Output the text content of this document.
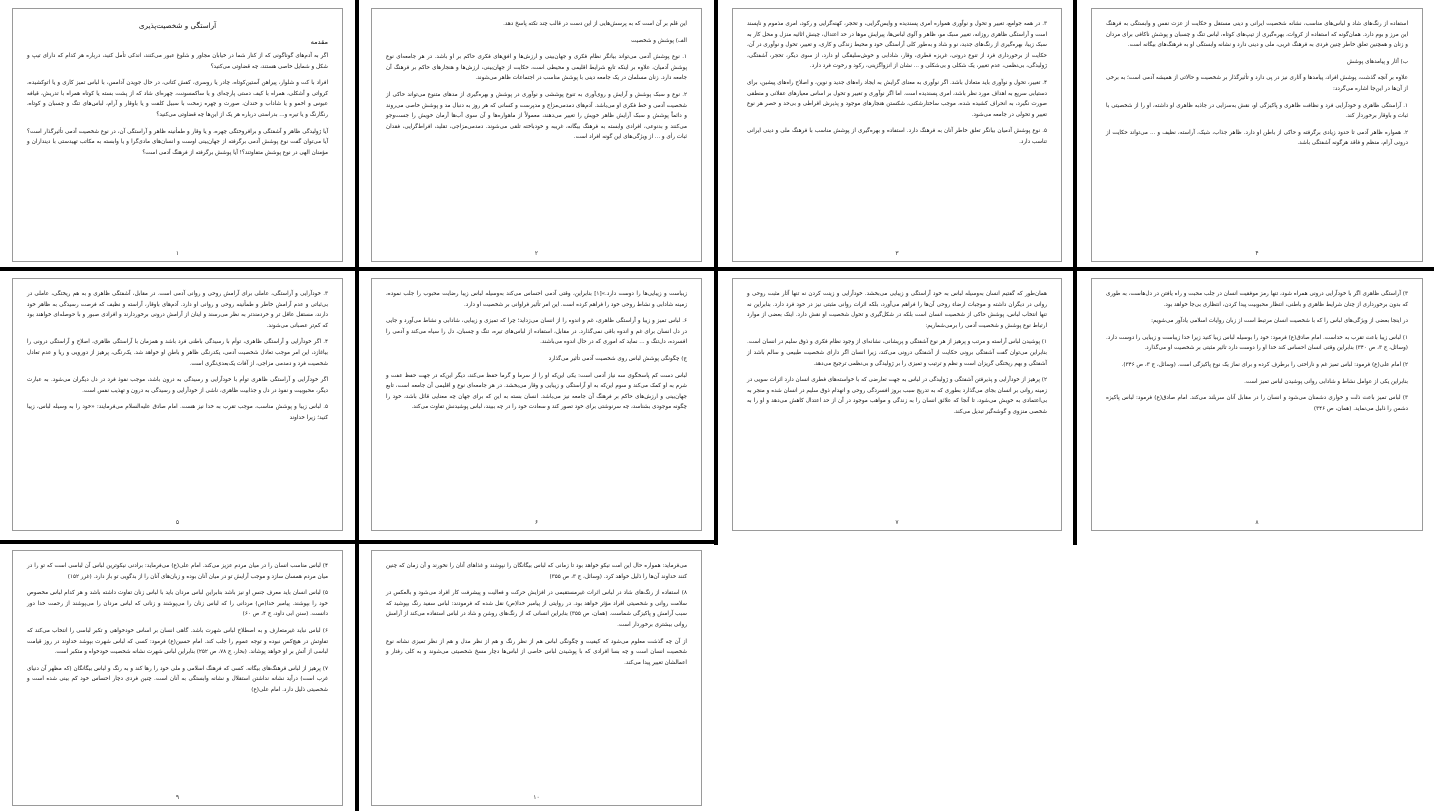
آراستگی و شخصیت‌پذیری
مقدمه

اگر به آدم‌های گوناگونی که از کنار شما در خیابان مجاور و شلوغ عبور می‌کنند، اندکی تأمل کنید، درباره هر کدام که دارای تیپ و شکل و شمایل خاصی هستند، چه قضاوتی می‌کنید؟

افراد با کت و شلوار، پیراهن آستین‌کوتاه، چادر یا روسری، کفش کتانی، در حال جویدن آدامس، با لباس تمیز کاری و یا اتوکشیده، کرواتی و آشکلی، همراه با کیف دستی پارچه‌ای و یا ساکمسونت، چهره‌ای شاد که از پشت بسته یا کوتاه همراه با تدریش، قیافه عبوس و اخمو و یا شاداب و خندان، صورت و چهره زمخت با سبیل کلفت و یا باوقار و آرام، لباس‌های تنگ و چسبان و کوتاه، رنگارنگ و یا تیره و... بدراستی درباره هر یک از این‌ها چه قضاوتی می‌کنید؟

آیا ژولیدگی ظاهر و آشفتگی و برافروختگی چهره، و یا وقار و طمأنینه ظاهر و آراستگی آن، در نوع شخصیت آدمی تأثیرگذار است؟ آیا می‌توان گفت نوع پوشش آدمی برگرفته از جهان‌بینی اوست و انسان‌های مادی‌گرا و یا وابسته به مکاتب تهیدستی با دینداران و مؤمنان الهی در نوع پوشش متفاوتند؟! آیا پوشش برگرفته از فرهنگ آدمی است؟

۱

این قلم بر آن است که به پرسش‌هایی از این دست در قالب چند نکته پاسخ دهد.

الف) پوشش و شخصیت

۱. نوع پوشش آدمی می‌تواند بیانگر نظام فکری و جهان‌بینی و ارزش‌ها و افق‌های فکری حاکم بر او باشد. در هر جامعه‌ای نوع پوشش آدمیان، علاوه بر اینکه تابع شرایط اقلیمی و محیطی است، حکایت از جهان‌بینی، ارزش‌ها و هنجارهای حاکم بر فرهنگ آن جامعه دارد. زنان مسلمان در یک جامعه دینی با پوشش مناسب در اجتماعات ظاهر می‌شوند.

۲. نوع و سبک پوشش و آرایش و روی‌آوری به تنوع پوششی و نوآوری در پوشش و بهره‌گیری از مدهای متنوع می‌تواند حاکی از شخصیت آدمی و خط فکری او می‌باشد. آدم‌های دمدمی‌مزاج و مدپرست و کسانی که هر روز به دنبال مد و پوشش خاصی می‌روند و دائماً پوشش و سبک آرایش ظاهر خویش را تغییر می‌دهند، معمولاً از ماهواره‌ها و آن سوی آب‌ها آرمان خویش را جست‌وجو می‌کنند و بدنوعی، افرادی وابسته به فرهنگ بیگانه، غریبه و خودباخته تلقی می‌شوند. دمدمی‌مزاجی، تقلید، افراط‌گرایی، فقدان ثبات رأی و ... از ویژگی‌های این گونه افراد است.

۲

۳. در همه جوامع، تغییر و تحول و نوآوری همواره امری پسندیده و وایس‌گرایی، و تحجر، کهنه‌گرایی و رکود، امری مذموم و ناپسند است و آراستگی ظاهری روزانه، تغییر سبک مو، ظاهر و آلوی لباس‌ها، پیرایش موها در حد اعتدال، چینش اثاثیه منزل و محل کار به سبک زیبا، بهره‌گیری از رنگ‌های جدید، نو و شاد و به‌طور کلی آراستگی خود و محیط زندگی و کاری، و تغییر، تحول و نوآوری در آن، حکایت از برخورداری فرد از تنوع درونی، غریزه فطری، وقار، شادابی و خوش‌سلیقگی او دارد، از سوی دیگر، تحجر، آشفتگی، ژولیدگی، بی‌نظمی، عدم تغییر، یک شکلی و بی‌شکلی و ... نشان از انزواگزینی، رکود و رخوت فرد دارد.

۴. تغییر، تحول و نوآوری باید متعادل باشد. اگر نوآوری به معنای گرایش به ایجاد راه‌های جدید و نوین، و اصلاح راه‌های پیشین، برای دستیابی سریع به اهداف مورد نظر باشد، امری پسندیده است. اما اگر نوآوری و تغییر و تحول بر اساس معیارهای عقلانی و منطقی صورت نگیرد، به انحراف کشیده شده، موجب ساختارشکنی، شکستن هنجارهای موجود و پذیرش افراطی و بی‌حد و حصر هر نوع تغییر و تحولی در جامعه می‌شود.

۵. نوع پوشش آدمیان بیانگر تعلق خاطر آنان به فرهنگ دارد. استفاده و بهره‌گیری از پوشش مناسب با فرهنگ ملی و دینی ایرانی تناسب دارد.

۳

استفاده از رنگ‌های شاد و لباس‌های مناسب، نشانه شخصیت ایرانی و دینی مستقل و حکایت از عزت نفس و وابستگی به فرهنگ این مرز و بوم دارد. همان‌گونه که استفاده از کروات، بهره‌گیری از تیپ‌های کوتاه، لباس تنگ و چسبان و پوشش ناکافی برای مردان و زنان و همچنین تعلق خاطر چنین فردی به فرهنگ غربی، ملی و دینی دارد و نشانه وابستگی او به فرهنگ‌های بیگانه است.

ب) آثار و پیامدهای پوشش

علاوه بر آنچه گذشت، پوشش افراد، پیامدها و آثاری نیز در پی دارد و تأثیرگذار بر شخصیت و حالاتی از همیشه آدمی است؛ به برخی از آن‌ها در این‌جا اشاره می‌گردد:

۱. آراستگی ظاهری و خودآرایی فرد و نظافت ظاهری و پاکیزگی او، نقش به‌سزایی در جاذبه ظاهری او داشته، او را از شخصیتی با ثبات و باوقار برخوردار کند.

۲. همواره ظاهر آدمی تا حدود زیادی برگرفته و حاکی از باطن او دارد. ظاهر جذاب، شیک، آراسته، نظیف و ... می‌تواند حکایت از درونی آرام، منظم و فاقد هرگونه آشفتگی باشد.

۴

۳. خودآرایی و آراستگی، عاملی برای آرامش روحی و روانی آدمی است. در مقابل، آشفتگی ظاهری و به هم ریختگی، عاملی در بی‌ثباتی و عدم آرامش خاطر و طمأنینه روحی و روانی او دارد. آدم‌های باوقار، آراسته و نظیف که فرصت رسیدگی به ظاهر خود دارند، مستقل عاقل تر و خردمندتر به نظر می‌رسند و اینان از آرامش درونی برخوردارند و افرادی صبور و با حوصله‌ای خواهند بود که کم‌تر عصبانی می‌شوند.

۴. اگر خودآرایی و آراستگی ظاهری، توأم با رسیدگی باطنی فرد باشد و همزمان با آراستگی ظاهری، اصلاح و آراستگی درونی را بیاغازد، این امر موجب تعادل شخصیت آدمی، یکدرنگی ظاهر و باطن او خواهد شد. یک‌رنگی، پرهیز از دورویی و ریا و عدم تعادل شخصیت فرد و دمدمی مزاجی، از آفات یک‌بعدی‌نگری است.

اگر خودآرایی و آراستگی ظاهری توأم با خودآرایی و رسیدگی به درون باشد، موجب نفوذ فرد در دل دیگران می‌شود. به عبارت دیگر، محبوبیت و نفوذ در دل و جذابیت ظاهری، ناشی از خودآرایی و رسیدگی به درون و تهذیب نفس است.

۵. لباس زیبا و پوشش مناسب، موجب تقرب به خدا نیز هست. امام صادق علیه‌السلام می‌فرمایند: «خود را به وسیله لباس، زیبا کنید؛ زیرا خداوند

۵

زیباست و زیبایی‌ها را دوست دارد.»[۱] بنابراین، وقتی آدمی احساس می‌کند به‌وسیله لباس زیبا رضایت محبوب را جلب نموده، زمینه شادابی و نشاط روحی خود را فراهم کرده است. این امر تأثیر فراوانی بر شخصیت او دارد.

۶. لباس تمیز و زیبا و آراستگی ظاهری، غم و اندوه را از انسان می‌زداید؛ چرا که تمیزی و زیبایی، شادابی و نشاط می‌آورد و جایی در دل انسان برای غم و اندوه باقی نمی‌گذارد. در مقابل، استفاده از لباس‌های تیره، تنگ و چسبان، دل را سیاه می‌کند و آدمی را افسرده، دل‌تنگ و ... نماید که اموری که در حال اندوه می‌باشند.

ج) چگونگی پوشش لباس روی شخصیت آدمی تأثیر می‌گذارد

لباس دست کم پاسخگوی سه نیاز آدمی است: یکی این‌که او را از سرما و گرما حفظ می‌کند، دیگر این‌که در جهت حفظ عفت و شرم به او کمک می‌کند و سوم این‌که به او آراستگی و زیبایی و وقار می‌بخشد. در هر جامعه‌ای نوع و اقلیمی آن جامعه است، تابع جهان‌بینی و ارزش‌های حاکم بر فرهنگ آن جامعه نیز می‌باشد. انسان بسته به این که برای جهان چه معنایی قائل باشد، خود را چگونه موجودی بشناسد، چه سرنوشتی برای خود تصور کند و سعادت خود را در چه ببیند، لباس پوشیدنش تفاوت می‌کند.

۶

همان‌طور که گفتیم انسان به‌وسیله لباس به خود آراستگی و زیبایی می‌بخشد. خودآرایی و زینت کردن نه تنها آثار مثبت روحی و روانی در دیگران داشته و موجبات ارضاء روحی آن‌ها را فراهم می‌آورد، بلکه اثرات روانی مثبتی نیز در خود فرد دارد. بنابراین نه تنها انتخاب لباس، پوشش حاکی از شخصیت انسان است بلکه در شکل‌گیری و تحول شخصیت او نقش دارد. اینک بعضی از موارد ارتباط نوع پوشش و شخصیت آدمی را برمی‌شماریم:

۱) پوشیدن لباس آراسته و مرتب و پرهیز از هر نوع آشفتگی و پریشانی، نشانه‌ای از وجود نظام فکری و ذوق سلیم در انسان است. بنابراین می‌توان گفت آشفتگی برونی حکایت از آشفتگی درونی می‌کند، زیرا انسان اگر دارای شخصیت طبیعی و سالم باشد از آشفتگی و بهم ریختگی گریزان است و نظم و ترتیب و تمیزی را بر ژولیدگی و بی‌نظمی ترجیح می‌دهد.

۲) پرهیز از خودآرایی و پذیرفتن آشفتگی و ژولیدگی در لباس به جهت تعارضی که با خواسته‌های فطری انسان دارد اثرات سویی در زمینه روانی بر انسان بجای می‌گذارد بطوری که به تدریج سبب بروز افسردگی روحی و انهدام ذوق سلیم در انسان شده و منجر به بی‌اعتمادی به خویش می‌شود، تا آنجا که علائق انسان را به زندگی و مواهب موجود در آن از حد اعتدال کاهش می‌دهد و او را به شخصی منزوی و گوشه‌گیر تبدیل می‌کند.

۷

۳) آراستگی ظاهری اگر با خودآرایی درونی همراه شود، تنها رمز موفقیت انسان در جلب محبت و راه یافتن در دل‌هاست، به طوری که بدون برخورداری از چنان شرایط ظاهری و باطنی، انتظار محبوبیت پیدا کردن، انتظاری بی‌جا خواهد بود.

در اینجا بعضی از ویژگی‌های لباس را که با شخصیت انسان مرتبط است از زبان روایات اسلامی یادآور می‌شویم:

۱) لباس زیبا باعث تقرب به خداست. امام صادق(ع) فرمود: خود را بوسیله لباس زیبا کنید زیرا خدا زیباست و زیبایی را دوست دارد. (وسائل، ج ۳، ص ۳۴۰) بنابراین وقتی انسان احساس کند خدا او را دوست دارد تاثیر مثبتی بر شخصیت او می‌گذارد.

۲) امام علی(ع) فرمود: لباس تمیز غم و ناراحتی را برطرف کرده و برای نماز یک نوع پاکیزگی است. (وسائل، ج ۳، ص ۳۴۶).

بنابراین یکی از عوامل نشاط و شادابی روانی پوشیدن لباس تمیز است.

۳) لباس تمیز باعث ذلت و خواری دشمنان می‌شود و انسان را در مقابل آنان سربلند می‌کند. امام صادق(ع) فرمود: لباس پاکیزه دشمن را ذلیل می‌نماید. (همان، ص ۳۴۶)

۸

۴) لباس مناسب انسان را در میان مردم عزیز می‌کند. امام علی(ع) می‌فرماید: برادنی نیکو‌ترین لباس آن لباسی است که تو را در میان مردم همسان سازد و موجب آرایش تو در میان آنان بوده و زبان‌های آنان را از بدگویی تو باز دارد. (غرر ۱۵۲)

۵) لباس انسان باید معرف جنس او نیز باشد بنابراین لباس مردان باید با لباس زنان تفاوت داشته باشد و هر کدام لباس مخصوص خود را بپوشند. پیامبر خدا(ص) مردانی را که لباس زنان را می‌پوشند و زنانی که لباس مردان را می‌پوشند از رحمت خدا دور دانست. (سنن ابی داود، ج ۴، ص ۶۰)

۶) لباس نباید غیرمتعارف و به اصطلاح لباس شهرت باشد. گاهی انسان بر اساس خودخواهی و تکبر لباسی را انتخاب می‌کند که تفاوتش در هیچ‌کس نبوده و توجه عموم را جلب کند. امام حسین(ع) فرمود: کسی که لباس شهرت بپوشد خداوند در روز قیامت لباسی از آتش بر او خواهد پوشاند. (بحار، ج ۷۸، ص ۲۵۲) بنابراین لباس شهرت نشانه شخصیت خودخواه و متکبر است.

۷) پرهیز از لباس فرهنگ‌های بیگانه. کسی که فرهنگ اسلامی و ملی خود را رها کند و به رنگ و لباس بیگانگان (که مظهر آن دنیای غرب است) درآید نشانه نداشتن استقلال و نشانه وابستگی به آنان است. چنین فردی دچار احساس خود کم بینی شده است و شخصیتی ذلیل دارد. امام علی(ع)

۹

می‌فرماید: همواره حال این امت نیکو خواهد بود تا زمانی که لباس بیگانگان را نپوشند و غذاهای آنان را نخورند و آن زمان که چنین کنند خداوند آن‌ها را ذلیل خواهد کرد. (وسائل، ج ۳، ص ۳۵۵)

۸) استفاده از رنگ‌های شاد در لباس اثرات غیرمستقیمی در افزایش حرکت و فعالیت و پیشرفت کار افراد می‌شود و بالعکس در سلامت روانی و شخصیتی افراد مؤثر خواهد بود. در روایتی از پیامبر خدا(ص) نقل شده که فرمودند: لباس سفید رنگ بپوشید که سبب آرامش و پاکیزگی شماست. (همان، ص ۳۵۵) بنابراین انسانی که از رنگ‌های روشن و شاد در لباس استفاده می‌کند از آرامش روانی بیشتری برخوردار است.

از آن چه گذشت معلوم می‌شود که کیفیت و چگونگی لباس هم از نظر رنگ و هم از نظر مدل و هم از نظر تمیزی نشانه نوع شخصیت انسان است و چه بسا افرادی که با پوشیدن لباس خاصی از لباس‌ها دچار مسخ شخصیتی می‌شوند و به کلی رفتار و اعمالشان تغییر پیدا می‌کند.

۱۰
